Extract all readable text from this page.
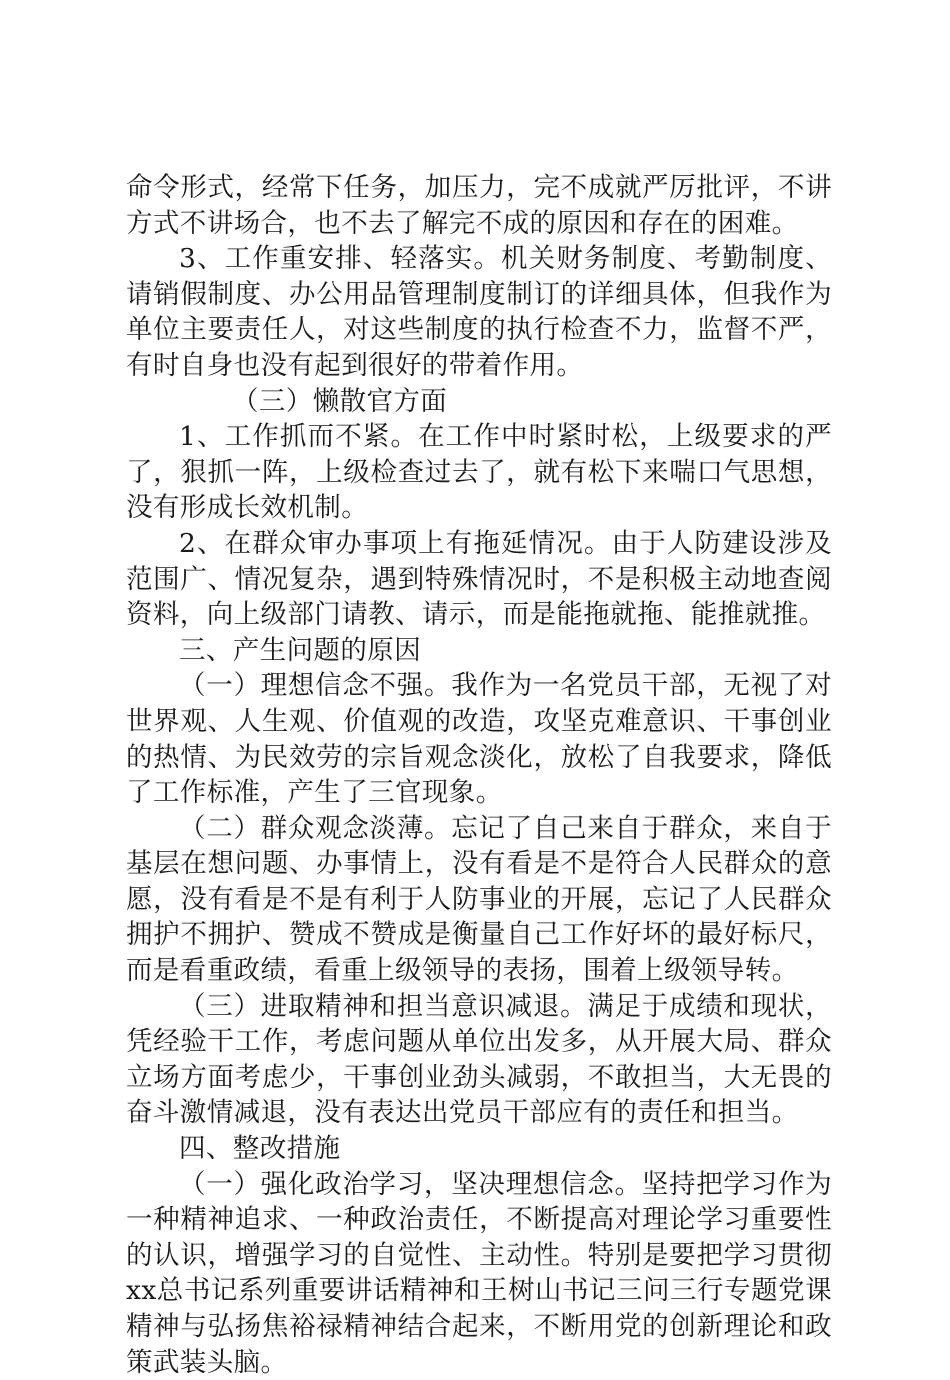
命令形式，经常下任务，加压力，完不成就严厉批评，不讲方式不讲场合，也不去了解完不成的原因和存在的困难。

3、工作重安排、轻落实。机关财务制度、考勤制度、请销假制度、办公用品管理制度制订的详细具体，但我作为单位主要责任人，对这些制度的执行检查不力，监督不严，有时自身也没有起到很好的带着作用。

（三）懒散官方面

1、工作抓而不紧。在工作中时紧时松，上级要求的严了，狠抓一阵，上级检查过去了，就有松下来喘口气思想，没有形成长效机制。

2、在群众审办事项上有拖延情况。由于人防建设涉及范围广、情况复杂，遇到特殊情况时，不是积极主动地查阅资料，向上级部门请教、请示，而是能拖就拖、能推就推。

三、产生问题的原因

（一）理想信念不强。我作为一名党员干部，无视了对世界观、人生观、价值观的改造，攻坚克难意识、干事创业的热情、为民效劳的宗旨观念淡化，放松了自我要求，降低了工作标准，产生了三官现象。

（二）群众观念淡薄。忘记了自己来自于群众，来自于基层在想问题、办事情上，没有看是不是符合人民群众的意愿，没有看是不是有利于人防事业的开展，忘记了人民群众拥护不拥护、赞成不赞成是衡量自己工作好坏的最好标尺，而是看重政绩，看重上级领导的表扬，围着上级领导转。

（三）进取精神和担当意识减退。满足于成绩和现状，凭经验干工作，考虑问题从单位出发多，从开展大局、群众立场方面考虑少，干事创业劲头减弱，不敢担当，大无畏的奋斗激情减退，没有表达出党员干部应有的责任和担当。

四、整改措施

（一）强化政治学习，坚决理想信念。坚持把学习作为一种精神追求、一种政治责任，不断提高对理论学习重要性的认识，增强学习的自觉性、主动性。特别是要把学习贯彻xx总书记系列重要讲话精神和王树山书记三问三行专题党课精神与弘扬焦裕禄精神结合起来，不断用党的创新理论和政策武装头脑。
